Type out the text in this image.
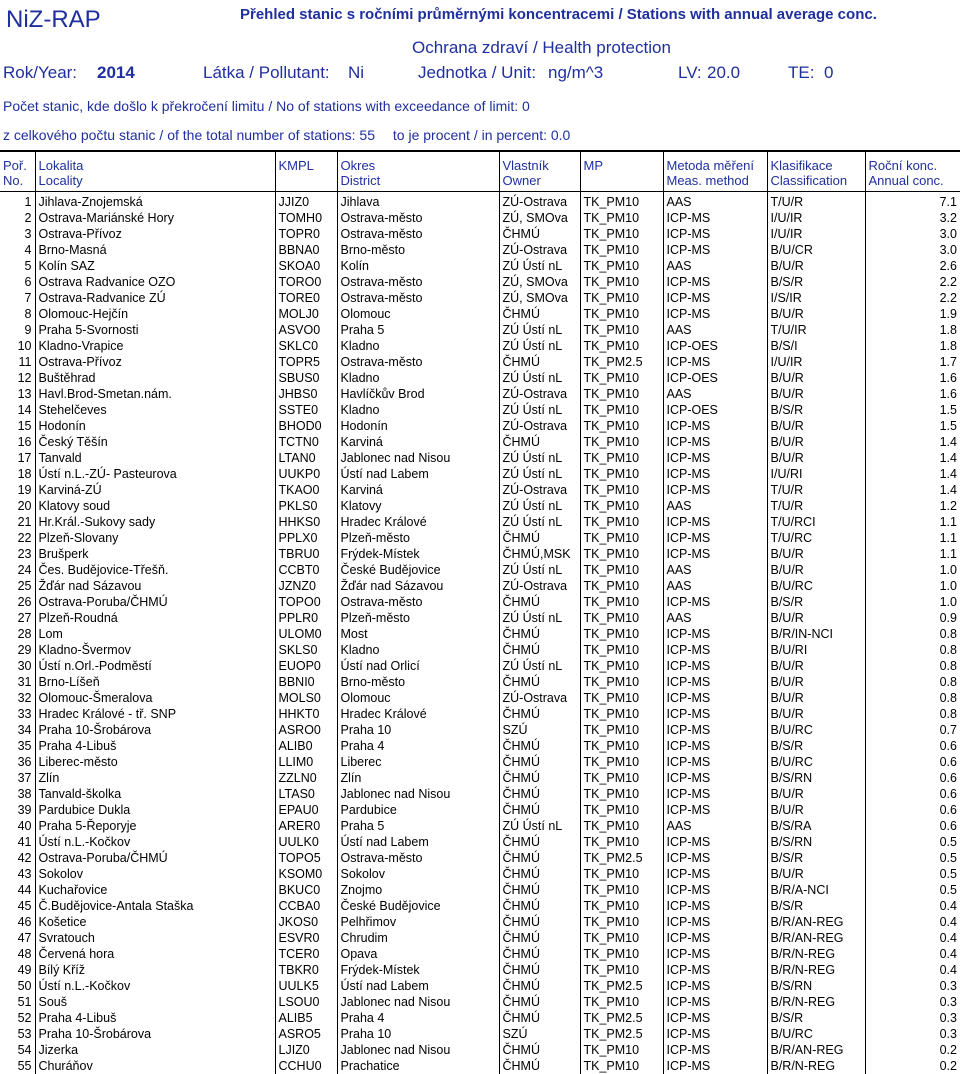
NiZ-RAP	Přehled stanic s ročními průměrnými koncentracemi / Stations with annual average conc.
Ochrana zdraví / Health protection
Rok/Year: 2014	Látka / Pollutant: Ni	Jednotka / Unit: ng/m^3	LV: 20.0	TE: 0
Počet stanic, kde došlo k překročení limitu / No of stations with exceedance of limit: 0
z celkového počtu stanic / of the total number of stations: 55 to je procent / in percent: 0.0
Poř.	Lokalita	KMPL	Okres	Vlastník	MP	Metoda měření	Klasifikace	Roční konc.
No.	Locality		District	Owner		Meas. method	Classification	Annual conc.
1	Jihlava-Znojemská	JJIZ0	Jihlava	ZÚ-Ostrava	TK_PM10	AAS	T/U/R	7.1
2	Ostrava-Mariánské Hory	TOMH0	Ostrava-město	ZÚ, SMOva	TK_PM10	ICP-MS	I/U/IR	3.2
3	Ostrava-Přívoz	TOPR0	Ostrava-město	ČHMÚ	TK_PM10	ICP-MS	I/U/IR	3.0
4	Brno-Masná	BBNA0	Brno-město	ZÚ-Ostrava	TK_PM10	ICP-MS	B/U/CR	3.0
5	Kolín SAZ	SKOA0	Kolín	ZÚ Ústí nL	TK_PM10	AAS	B/U/R	2.6
6	Ostrava Radvanice OZO	TORO0	Ostrava-město	ZÚ, SMOva	TK_PM10	ICP-MS	B/S/R	2.2
7	Ostrava-Radvanice ZÚ	TORE0	Ostrava-město	ZÚ, SMOva	TK_PM10	ICP-MS	I/S/IR	2.2
8	Olomouc-Hejčín	MOLJ0	Olomouc	ČHMÚ	TK_PM10	ICP-MS	B/U/R	1.9
9	Praha 5-Svornosti	ASVO0	Praha 5	ZÚ Ústí nL	TK_PM10	AAS	T/U/IR	1.8
10	Kladno-Vrapice	SKLC0	Kladno	ZÚ Ústí nL	TK_PM10	ICP-OES	B/S/I	1.8
11	Ostrava-Přívoz	TOPR5	Ostrava-město	ČHMÚ	TK_PM2.5	ICP-MS	I/U/IR	1.7
12	Buštěhrad	SBUS0	Kladno	ZÚ Ústí nL	TK_PM10	ICP-OES	B/U/R	1.6
13	Havl.Brod-Smetan.nám.	JHBS0	Havlíčkův Brod	ZÚ-Ostrava	TK_PM10	AAS	B/U/R	1.6
14	Stehelčeves	SSTE0	Kladno	ZÚ Ústí nL	TK_PM10	ICP-OES	B/S/R	1.5
15	Hodonín	BHOD0	Hodonín	ZÚ-Ostrava	TK_PM10	ICP-MS	B/U/R	1.5
16	Český Těšín	TCTN0	Karviná	ČHMÚ	TK_PM10	ICP-MS	B/U/R	1.4
17	Tanvald	LTAN0	Jablonec nad Nisou	ZÚ Ústí nL	TK_PM10	ICP-MS	B/U/R	1.4
18	Ústí n.L.-ZÚ- Pasteurova	UUKP0	Ústí nad Labem	ZÚ Ústí nL	TK_PM10	ICP-MS	I/U/RI	1.4
19	Karviná-ZÚ	TKAO0	Karviná	ZÚ-Ostrava	TK_PM10	ICP-MS	T/U/R	1.4
20	Klatovy soud	PKLS0	Klatovy	ZÚ Ústí nL	TK_PM10	AAS	T/U/R	1.2
21	Hr.Král.-Sukovy sady	HHKS0	Hradec Králové	ZÚ Ústí nL	TK_PM10	ICP-MS	T/U/RCI	1.1
22	Plzeň-Slovany	PPLX0	Plzeň-město	ČHMÚ	TK_PM10	ICP-MS	T/U/RC	1.1
23	Brušperk	TBRU0	Frýdek-Místek	ČHMÚ,MSK	TK_PM10	ICP-MS	B/U/R	1.1
24	Čes. Budějovice-Třešň.	CCBT0	České Budějovice	ZÚ Ústí nL	TK_PM10	AAS	B/U/R	1.0
25	Žďár nad Sázavou	JZNZ0	Žďár nad Sázavou	ZÚ-Ostrava	TK_PM10	AAS	B/U/RC	1.0
26	Ostrava-Poruba/ČHMÚ	TOPO0	Ostrava-město	ČHMÚ	TK_PM10	ICP-MS	B/S/R	1.0
27	Plzeň-Roudná	PPLR0	Plzeň-město	ZÚ Ústí nL	TK_PM10	AAS	B/U/R	0.9
28	Lom	ULOM0	Most	ČHMÚ	TK_PM10	ICP-MS	B/R/IN-NCI	0.8
29	Kladno-Švermov	SKLS0	Kladno	ČHMÚ	TK_PM10	ICP-MS	B/U/RI	0.8
30	Ústí n.Orl.-Podměstí	EUOP0	Ústí nad Orlicí	ZÚ Ústí nL	TK_PM10	ICP-MS	B/U/R	0.8
31	Brno-Líšeň	BBNI0	Brno-město	ČHMÚ	TK_PM10	ICP-MS	B/U/R	0.8
32	Olomouc-Šmeralova	MOLS0	Olomouc	ZÚ-Ostrava	TK_PM10	ICP-MS	B/U/R	0.8
33	Hradec Králové - tř. SNP	HHKT0	Hradec Králové	ČHMÚ	TK_PM10	ICP-MS	B/U/R	0.8
34	Praha 10-Šrobárova	ASRO0	Praha 10	SZÚ	TK_PM10	ICP-MS	B/U/RC	0.7
35	Praha 4-Libuš	ALIB0	Praha 4	ČHMÚ	TK_PM10	ICP-MS	B/S/R	0.6
36	Liberec-město	LLIM0	Liberec	ČHMÚ	TK_PM10	ICP-MS	B/U/RC	0.6
37	Zlín	ZZLN0	Zlín	ČHMÚ	TK_PM10	ICP-MS	B/S/RN	0.6
38	Tanvald-školka	LTAS0	Jablonec nad Nisou	ČHMÚ	TK_PM10	ICP-MS	B/U/R	0.6
39	Pardubice Dukla	EPAU0	Pardubice	ČHMÚ	TK_PM10	ICP-MS	B/U/R	0.6
40	Praha 5-Řeporyje	ARER0	Praha 5	ZÚ Ústí nL	TK_PM10	AAS	B/S/RA	0.6
41	Ústí n.L.-Kočkov	UULK0	Ústí nad Labem	ČHMÚ	TK_PM10	ICP-MS	B/S/RN	0.5
42	Ostrava-Poruba/ČHMÚ	TOPO5	Ostrava-město	ČHMÚ	TK_PM2.5	ICP-MS	B/S/R	0.5
43	Sokolov	KSOM0	Sokolov	ČHMÚ	TK_PM10	ICP-MS	B/U/R	0.5
44	Kuchařovice	BKUC0	Znojmo	ČHMÚ	TK_PM10	ICP-MS	B/R/A-NCI	0.5
45	Č.Budějovice-Antala Staška	CCBA0	České Budějovice	ČHMÚ	TK_PM10	ICP-MS	B/S/R	0.4
46	Košetice	JKOS0	Pelhřimov	ČHMÚ	TK_PM10	ICP-MS	B/R/AN-REG	0.4
47	Svratouch	ESVR0	Chrudim	ČHMÚ	TK_PM10	ICP-MS	B/R/AN-REG	0.4
48	Červená hora	TCER0	Opava	ČHMÚ	TK_PM10	ICP-MS	B/R/N-REG	0.4
49	Bílý Kříž	TBKR0	Frýdek-Místek	ČHMÚ	TK_PM10	ICP-MS	B/R/N-REG	0.4
50	Ústí n.L.-Kočkov	UULK5	Ústí nad Labem	ČHMÚ	TK_PM2.5	ICP-MS	B/S/RN	0.3
51	Souš	LSOU0	Jablonec nad Nisou	ČHMÚ	TK_PM10	ICP-MS	B/R/N-REG	0.3
52	Praha 4-Libuš	ALIB5	Praha 4	ČHMÚ	TK_PM2.5	ICP-MS	B/S/R	0.3
53	Praha 10-Šrobárova	ASRO5	Praha 10	SZÚ	TK_PM2.5	ICP-MS	B/U/RC	0.3
54	Jizerka	LJIZ0	Jablonec nad Nisou	ČHMÚ	TK_PM10	ICP-MS	B/R/AN-REG	0.2
55	Churáňov	CCHU0	Prachatice	ČHMÚ	TK_PM10	ICP-MS	B/R/N-REG	0.2
